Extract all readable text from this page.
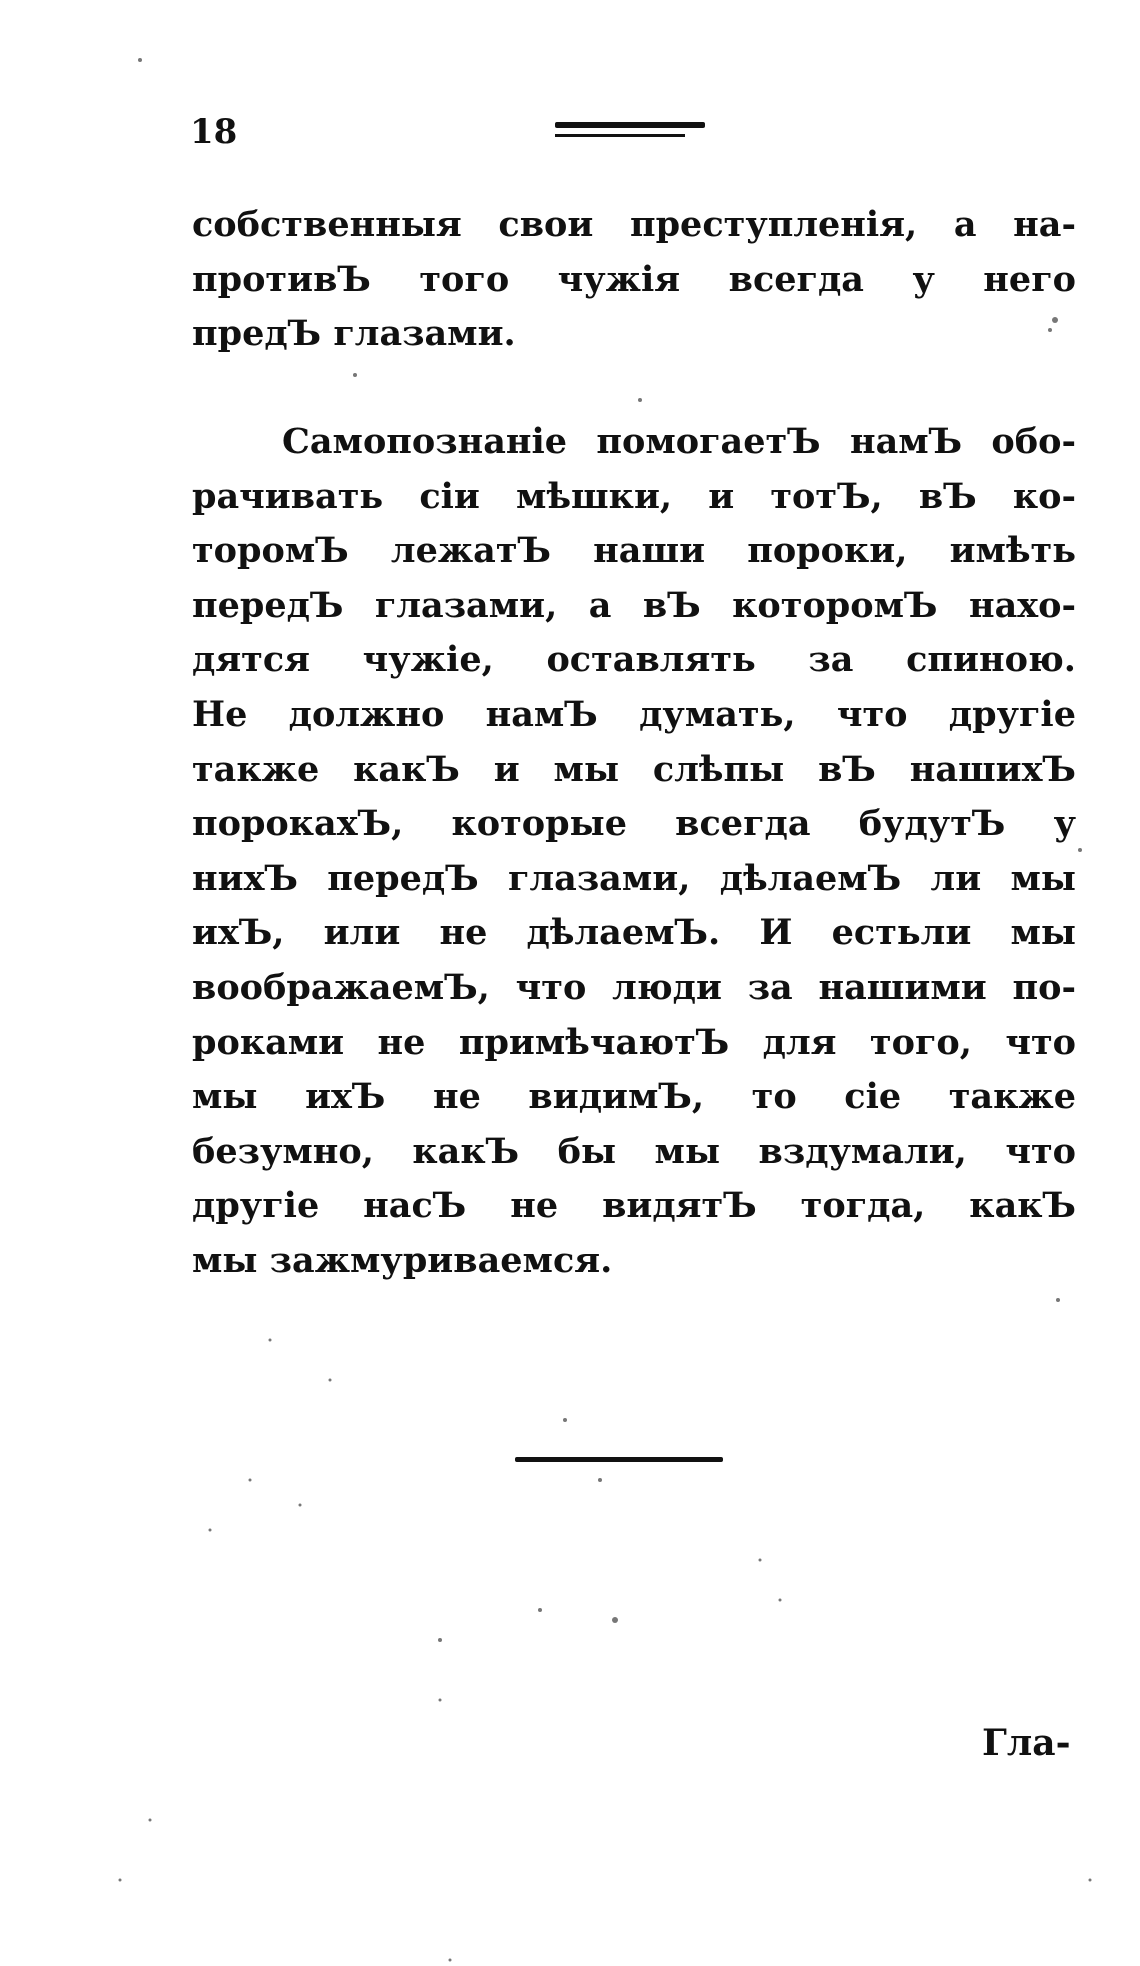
18
собственныя свои преступленія, а на-
противЪ того чужія всегда у него
предЪ глазами.
Самопознаніе помогаетЪ намЪ обо-
рачивать сіи мѣшки, и тотЪ, вЪ ко-
торомЪ лежатЪ наши пороки, имѣть
передЪ глазами, а вЪ которомЪ нахо-
дятся чужіе, оставлять за спиною.
Не должно намЪ думать, что другіе
также какЪ и мы слѣпы вЪ нашихЪ
порокахЪ, которые всегда будутЪ у
нихЪ передЪ глазами, дѣлаемЪ ли мы
ихЪ, или не дѣлаемЪ. И естьли мы
воображаемЪ, что люди за нашими по-
роками не примѣчаютЪ для того, что
мы ихЪ не видимЪ, то сіе также
безумно, какЪ бы мы вздумали, что
другіе насЪ не видятЪ тогда, какЪ
мы зажмуриваемся.
Гла-
